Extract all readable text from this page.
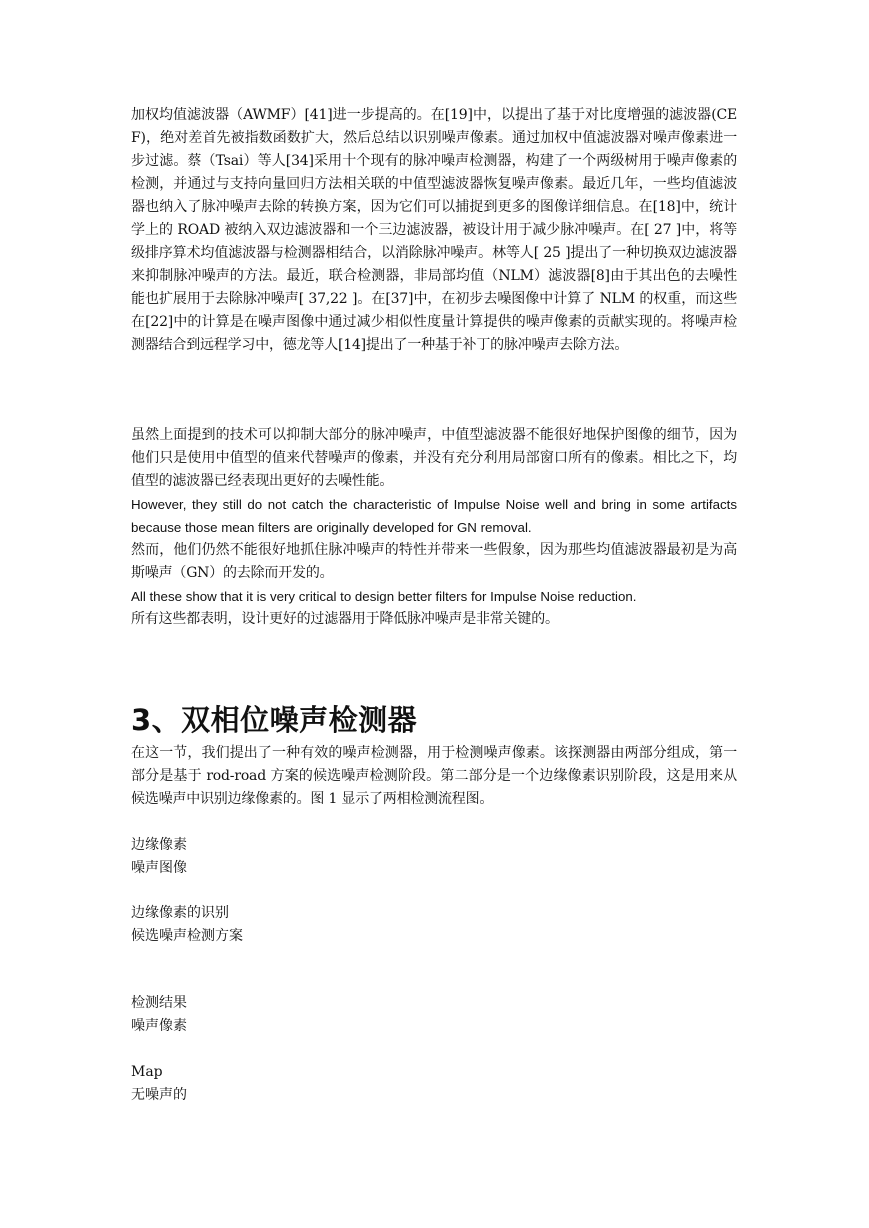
加权均值滤波器（AWMF）[41]进一步提高的。在[19]中，以提出了基于对比度增强的滤波器(CEF)，绝对差首先被指数函数扩大，然后总结以识别噪声像素。通过加权中值滤波器对噪声像素进一步过滤。蔡（Tsai）等人[34]采用十个现有的脉冲噪声检测器，构建了一个两级树用于噪声像素的检测，并通过与支持向量回归方法相关联的中值型滤波器恢复噪声像素。最近几年，一些均值滤波器也纳入了脉冲噪声去除的转换方案，因为它们可以捕捉到更多的图像详细信息。在[18]中，统计学上的 ROAD 被纳入双边滤波器和一个三边滤波器，被设计用于减少脉冲噪声。在[ 27 ]中，将等级排序算术均值滤波器与检测器相结合，以消除脉冲噪声。林等人[ 25 ]提出了一种切换双边滤波器来抑制脉冲噪声的方法。最近，联合检测器，非局部均值（NLM）滤波器[8]由于其出色的去噪性能也扩展用于去除脉冲噪声[ 37,22 ]。在[37]中，在初步去噪图像中计算了 NLM 的权重，而这些在[22]中的计算是在噪声图像中通过减少相似性度量计算提供的噪声像素的贡献实现的。将噪声检测器结合到远程学习中，德龙等人[14]提出了一种基于补丁的脉冲噪声去除方法。

虽然上面提到的技术可以抑制大部分的脉冲噪声，中值型滤波器不能很好地保护图像的细节，因为他们只是使用中值型的值来代替噪声的像素，并没有充分利用局部窗口所有的像素。相比之下，均值型的滤波器已经表现出更好的去噪性能。

However, they still do not catch the characteristic of Impulse Noise well and bring in some artifacts because those mean filters are originally developed for GN removal.

然而，他们仍然不能很好地抓住脉冲噪声的特性并带来一些假象，因为那些均值滤波器最初是为高斯噪声（GN）的去除而开发的。

All these show that it is very critical to design better filters for Impulse Noise reduction.

所有这些都表明，设计更好的过滤器用于降低脉冲噪声是非常关键的。

3、双相位噪声检测器

在这一节，我们提出了一种有效的噪声检测器，用于检测噪声像素。该探测器由两部分组成，第一部分是基于 rod-road 方案的候选噪声检测阶段。第二部分是一个边缘像素识别阶段，这是用来从候选噪声中识别边缘像素的。图 1 显示了两相检测流程图。

边缘像素

噪声图像

边缘像素的识别

候选噪声检测方案

检测结果

噪声像素

Map

无噪声的
